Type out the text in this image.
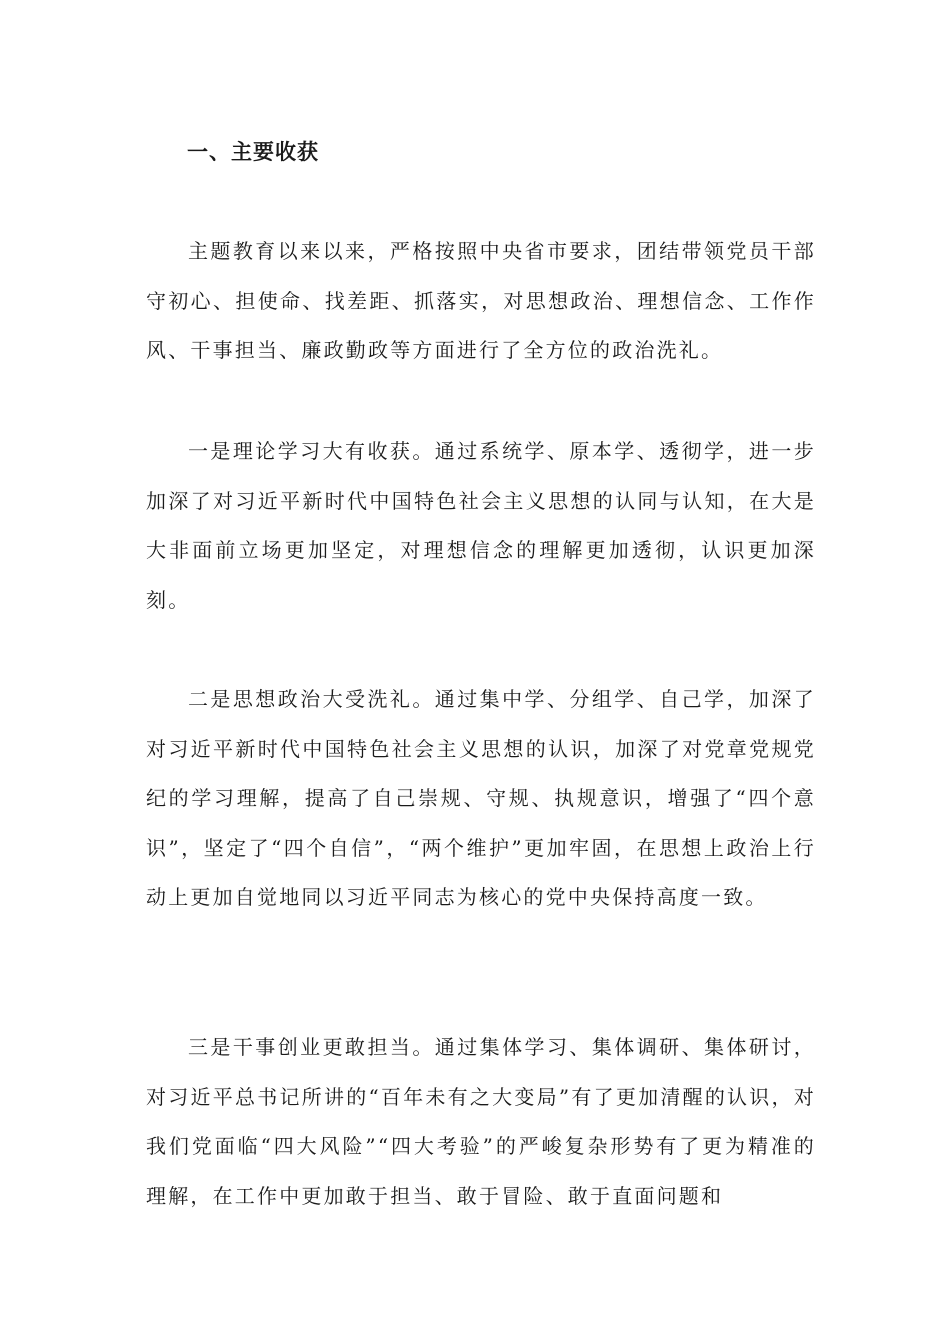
一、主要收获

主题教育以来以来，严格按照中央省市要求，团结带领党员干部守初心、担使命、找差距、抓落实，对思想政治、理想信念、工作作风、干事担当、廉政勤政等方面进行了全方位的政治洗礼。

一是理论学习大有收获。通过系统学、原本学、透彻学，进一步加深了对习近平新时代中国特色社会主义思想的认同与认知，在大是大非面前立场更加坚定，对理想信念的理解更加透彻，认识更加深刻。

二是思想政治大受洗礼。通过集中学、分组学、自己学，加深了对习近平新时代中国特色社会主义思想的认识，加深了对党章党规党纪的学习理解，提高了自己崇规、守规、执规意识，增强了“四个意识”，坚定了“四个自信”，“两个维护”更加牢固，在思想上政治上行动上更加自觉地同以习近平同志为核心的党中央保持高度一致。

三是干事创业更敢担当。通过集体学习、集体调研、集体研讨，对习近平总书记所讲的“百年未有之大变局”有了更加清醒的认识，对我们党面临“四大风险”“四大考验”的严峻复杂形势有了更为精准的理解，在工作中更加敢于担当、敢于冒险、敢于直面问题和
